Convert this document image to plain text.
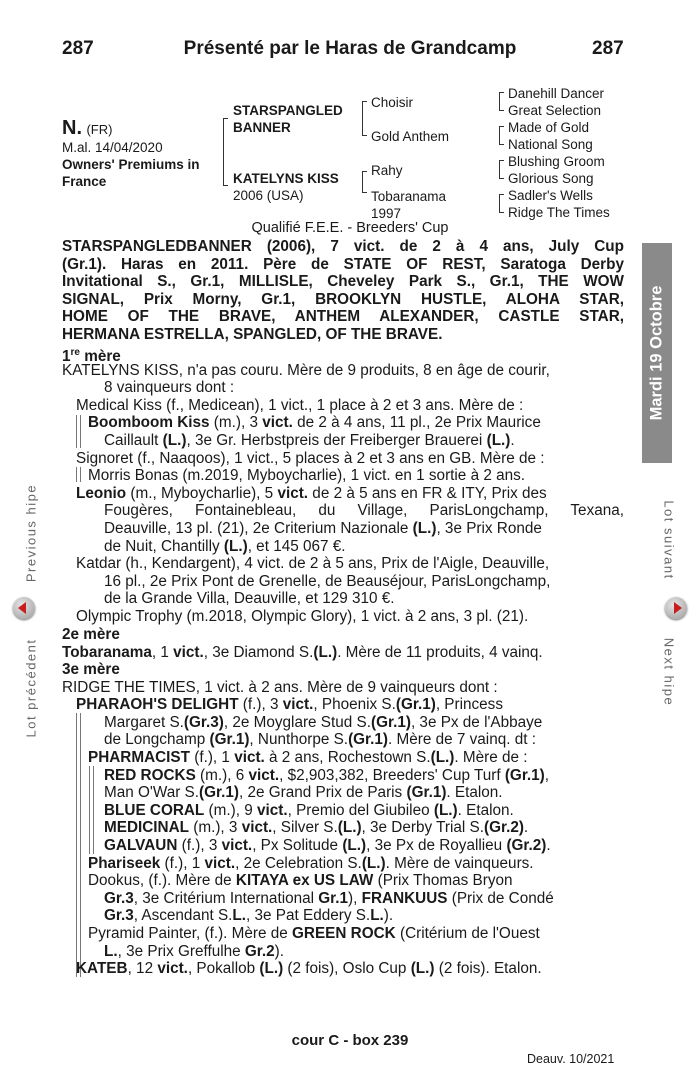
287	Présenté par le Haras de Grandcamp	287
N. (FR)
M.al. 14/04/2020
Owners' Premiums in
France
STARSPANGLED
BANNER
KATELYNS KISS
2006 (USA)
Choisir
Gold Anthem
Rahy
Tobaranama
1997
Danehill Dancer
Great Selection
Made of Gold
National Song
Blushing Groom
Glorious Song
Sadler's Wells
Ridge The Times
Qualifié F.E.E. - Breeders' Cup
STARSPANGLEDBANNER (2006), 7 vict. de 2 à 4 ans, July Cup
(Gr.1). Haras en 2011. Père de STATE OF REST, Saratoga Derby
Invitational S., Gr.1, MILLISLE, Cheveley Park S., Gr.1, THE WOW
SIGNAL, Prix Morny, Gr.1, BROOKLYN HUSTLE, ALOHA STAR,
HOME OF THE BRAVE, ANTHEM ALEXANDER, CASTLE STAR,
HERMANA ESTRELLA, SPANGLED, OF THE BRAVE.
1re mère
KATELYNS KISS, n'a pas couru. Mère de 9 produits, 8 en âge de courir,
8 vainqueurs dont :
Medical Kiss (f., Medicean), 1 vict., 1 place à 2 et 3 ans. Mère de :
Boomboom Kiss (m.), 3 vict. de 2 à 4 ans, 11 pl., 2e Prix Maurice
Caillault (L.), 3e Gr. Herbstpreis der Freiberger Brauerei (L.).
Signoret (f., Naaqoos), 1 vict., 5 places à 2 et 3 ans en GB. Mère de :
Morris Bonas (m.2019, Myboycharlie), 1 vict. en 1 sortie à 2 ans.
Leonio (m., Myboycharlie), 5 vict. de 2 à 5 ans en FR & ITY, Prix des
Fougères, Fontainebleau, du Village, ParisLongchamp, Texana,
Deauville, 13 pl. (21), 2e Criterium Nazionale (L.), 3e Prix Ronde
de Nuit, Chantilly (L.), et 145 067 €.
Katdar (h., Kendargent), 4 vict. de 2 à 5 ans, Prix de l'Aigle, Deauville,
16 pl., 2e Prix Pont de Grenelle, de Beauséjour, ParisLongchamp,
de la Grande Villa, Deauville, et 129 310 €.
Olympic Trophy (m.2018, Olympic Glory), 1 vict. à 2 ans, 3 pl. (21).
2e mère
Tobaranama, 1 vict., 3e Diamond S.(L.). Mère de 11 produits, 4 vainq.
3e mère
RIDGE THE TIMES, 1 vict. à 2 ans. Mère de 9 vainqueurs dont :
PHARAOH'S DELIGHT (f.), 3 vict., Phoenix S.(Gr.1), Princess
Margaret S.(Gr.3), 2e Moyglare Stud S.(Gr.1), 3e Px de l'Abbaye
de Longchamp (Gr.1), Nunthorpe S.(Gr.1). Mère de 7 vainq. dt :
PHARMACIST (f.), 1 vict. à 2 ans, Rochestown S.(L.). Mère de :
RED ROCKS (m.), 6 vict., $2,903,382, Breeders' Cup Turf (Gr.1),
Man O'War S.(Gr.1), 2e Grand Prix de Paris (Gr.1). Etalon.
BLUE CORAL (m.), 9 vict., Premio del Giubileo (L.). Etalon.
MEDICINAL (m.), 3 vict., Silver S.(L.), 3e Derby Trial S.(Gr.2).
GALVAUN (f.), 3 vict., Px Solitude (L.), 3e Px de Royallieu (Gr.2).
Phariseek (f.), 1 vict., 2e Celebration S.(L.). Mère de vainqueurs.
Dookus, (f.). Mère de KITAYA ex US LAW (Prix Thomas Bryon
Gr.3, 3e Critérium International Gr.1), FRANKUUS (Prix de Condé
Gr.3, Ascendant S.L., 3e Pat Eddery S.L.).
Pyramid Painter, (f.). Mère de GREEN ROCK (Critérium de l'Ouest
L., 3e Prix Greffulhe Gr.2).
KATEB, 12 vict., Pokallob (L.) (2 fois), Oslo Cup (L.) (2 fois). Etalon.
Mardi 19 Octobre
Lot suivant
Next hipe
Previous hipe
Lot précédent
cour C - box 239
Deauv. 10/2021
